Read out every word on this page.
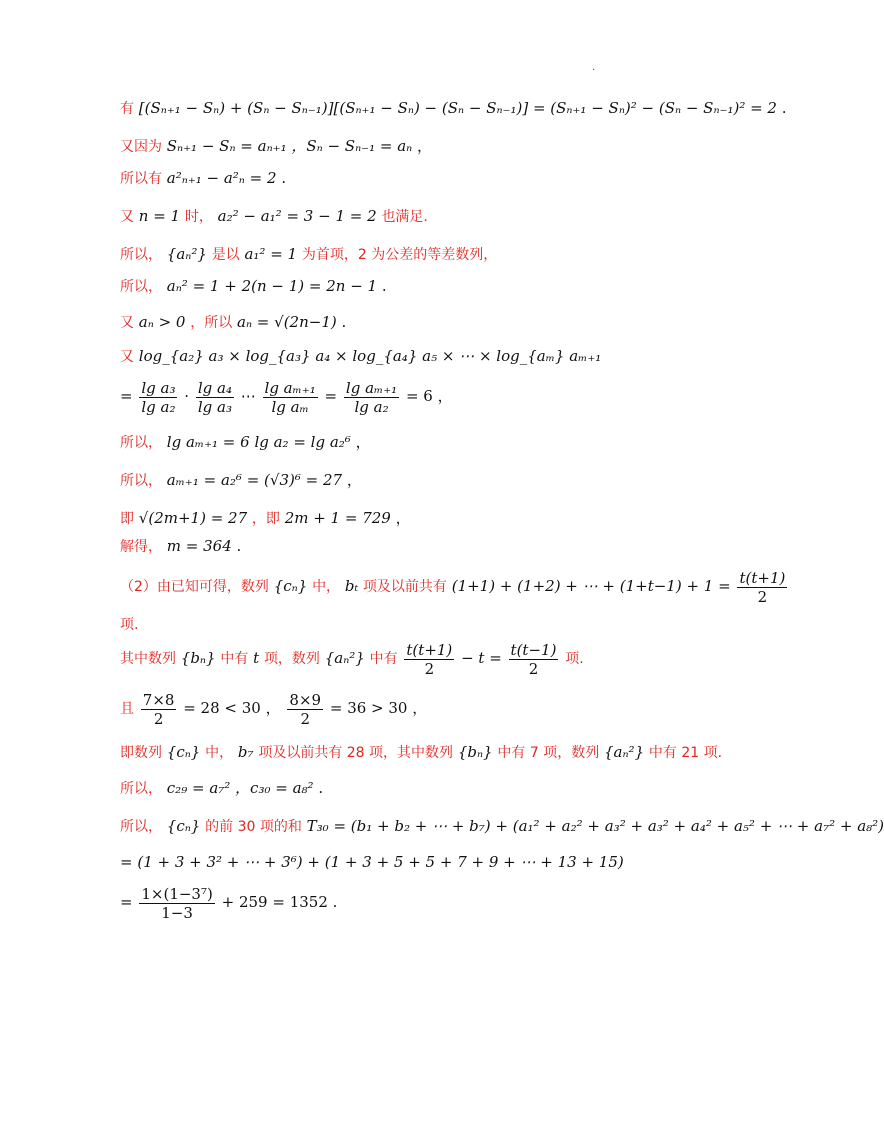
.
有 [(Sₙ₊₁ − Sₙ) + (Sₙ − Sₙ₋₁)][(Sₙ₊₁ − Sₙ) − (Sₙ − Sₙ₋₁)] = (Sₙ₊₁ − Sₙ)² − (Sₙ − Sₙ₋₁)² = 2 .
又因为 Sₙ₊₁ − Sₙ = aₙ₊₁ ，Sₙ − Sₙ₋₁ = aₙ ，
所以有 a²ₙ₊₁ − a²ₙ = 2 .
又 n = 1 时， a₂² − a₁² = 3 − 1 = 2 也满足.
所以， {aₙ²} 是以 a₁² = 1 为首项，2 为公差的等差数列，
所以， aₙ² = 1 + 2(n − 1) = 2n − 1 .
又 aₙ > 0 ，所以 aₙ = √(2n−1) .
又 log_{a₂} a₃ × log_{a₃} a₄ × log_{a₄} a₅ × ⋯ × log_{aₘ} aₘ₊₁
= $\frac{\text{lg a₃}}{\text{lg a₂}} \cdot \frac{\text{lg a₄}}{\text{lg a₃}}$ ⋯ $\frac{\text{lg aₘ₊₁}}{\text{lg aₘ}} = \frac{\text{lg aₘ₊₁}}{\text{lg a₂}} = 6$ ，
所以， lg aₘ₊₁ = 6 lg a₂ = lg a₂⁶ ，
所以， aₘ₊₁ = a₂⁶ = (√3)⁶ = 27 ，
即 √(2m+1) = 27 ，即 2m + 1 = 729 ，
解得， m = 364 .
（2）由已知可得，数列 {cₙ} 中， bₜ 项及以前共有 (1+1) + (1+2) + ⋯ + $(1+t-1) + 1 = \frac{t(t+1)}{2}$
项.
其中数列 {bₙ} 中有 t 项，数列 {aₙ²} 中有 $\frac{t(t+1)}{2} - t = \frac{t(t-1)}{2}$ 项.
且 $\frac{7\times 8}{2} = 28 < 30$ ， $\frac{8\times 9}{2} = 36 > 30$ ，
即数列 {cₙ} 中， b₇ 项及以前共有 28 项，其中数列 {bₙ} 中有 7 项，数列 {aₙ²} 中有 21 项.
所以， c₂₉ = a₇² ，c₃₀ = a₈² .
所以， {cₙ} 的前 30 项的和 T₃₀ = (b₁ + b₂ + ⋯ + b₇) + (a₁² + a₂² + a₃² + a₃² + a₄² + a₅² + ⋯ + a₇² + a₈²)
= (1 + 3 + 3² + ⋯ + 3⁶) + (1 + 3 + 5 + 5 + 7 + 9 + ⋯ + 13 + 15)
= $\frac{\text{1×(1−3⁷)}}{1-3} + 259 = 1352$ .
